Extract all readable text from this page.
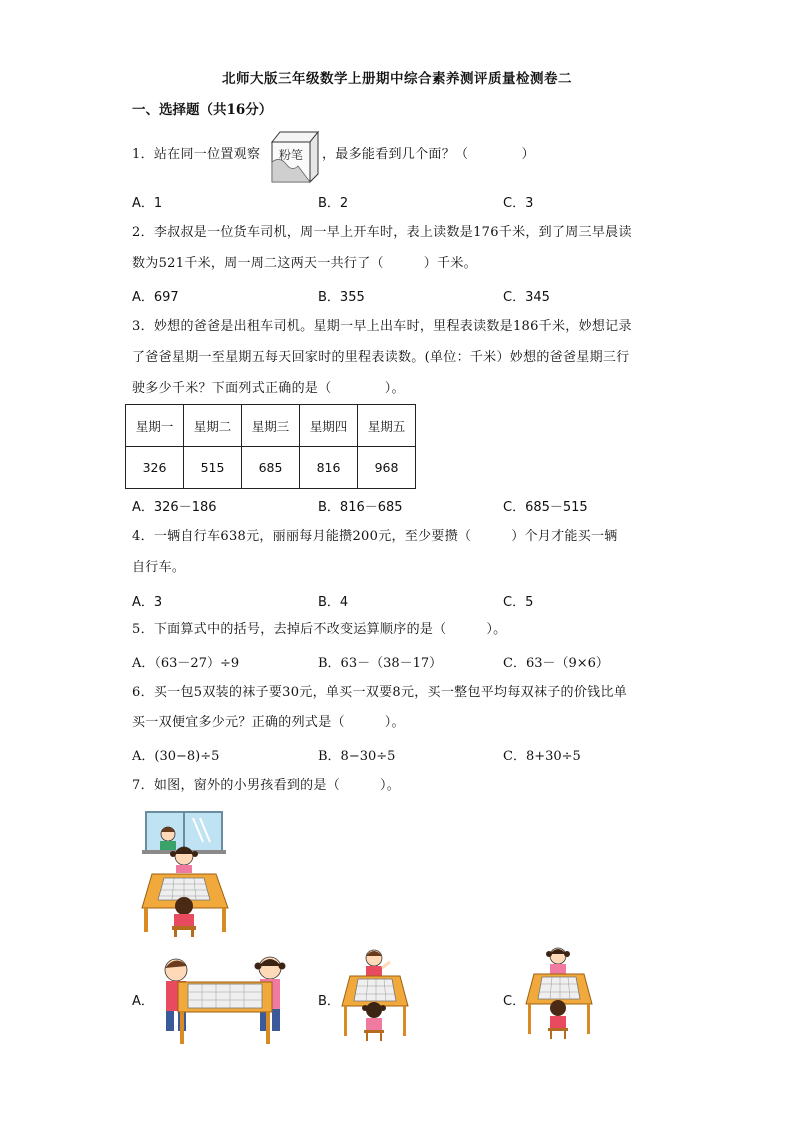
北师大版三年级数学上册期中综合素养测评质量检测卷二
一、选择题（共16分）
1．站在同一位置观察 粉笔 ，最多能看到几个面？（　　　　）
A．1	B．2	C．3
2．李叔叔是一位货车司机，周一早上开车时，表上读数是176千米，到了周三早晨读
数为521千米，周一周二这两天一共行了（　　　）千米。
A．697	B．355	C．345
3．妙想的爸爸是出租车司机。星期一早上出车时，里程表读数是186千米，妙想记录
了爸爸星期一至星期五每天回家时的里程表读数。(单位：千米）妙想的爸爸星期三行
驶多少千米？下面列式正确的是（　　　　）。
星期一	星期二	星期三	星期四	星期五
326	515	685	816	968
A．326－186	B．816－685	C．685－515
4．一辆自行车638元，丽丽每月能攒200元，至少要攒（　　　）个月才能买一辆
自行车。
A．3	B．4	C．5
5．下面算式中的括号，去掉后不改变运算顺序的是（　　　）。
A．（63－27）÷9	B．63－（38－17）	C．63－（9×6）
6．买一包5双装的袜子要30元，单买一双要8元，买一整包平均每双袜子的价钱比单
买一双便宜多少元？正确的列式是（　　　）。
A．(30−8)÷5	B．8−30÷5	C．8+30÷5
7．如图，窗外的小男孩看到的是（　　　）。
A．	B．	C．
